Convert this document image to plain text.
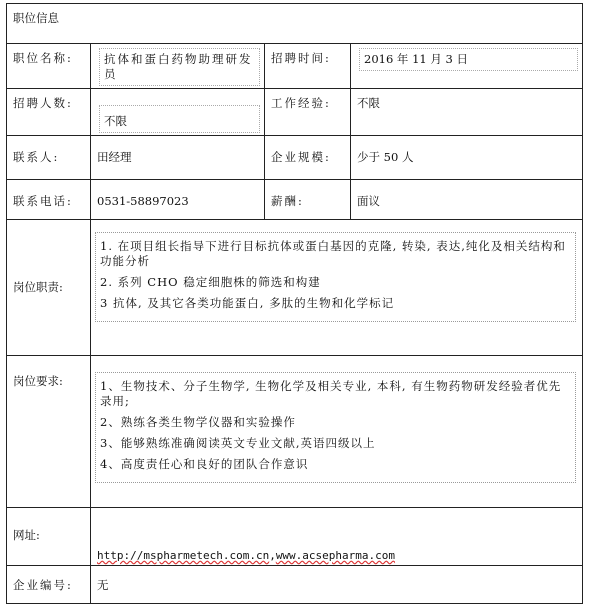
职位信息			
职位名称:	抗体和蛋白药物助理研发员	招聘时间:	2016 年 11 月 3 日

招聘人数:	不限	工作经验:	不限
联系人:	田经理	企业规模:	少于 50 人
联系电话:	0531-58897023	薪酬:	面议
岗位职责:	1. 在项目组长指导下进行目标抗体或蛋白基因的克隆, 转染, 表达,纯化及相关结构和功能分析
2. 系列 CHO 稳定细胞株的筛选和构建
3 抗体, 及其它各类功能蛋白, 多肽的生物和化学标记		

岗位要求:	1、生物技术、分子生物学, 生物化学及相关专业, 本科, 有生物药物研发经验者优先录用;
2、熟练各类生物学仪器和实验操作
3、能够熟练准确阅读英文专业文献,英语四级以上
4、高度责任心和良好的团队合作意识		

网址:	http://mspharmetech.com.cn,www.acsepharma.com		
企业编号:	无		
